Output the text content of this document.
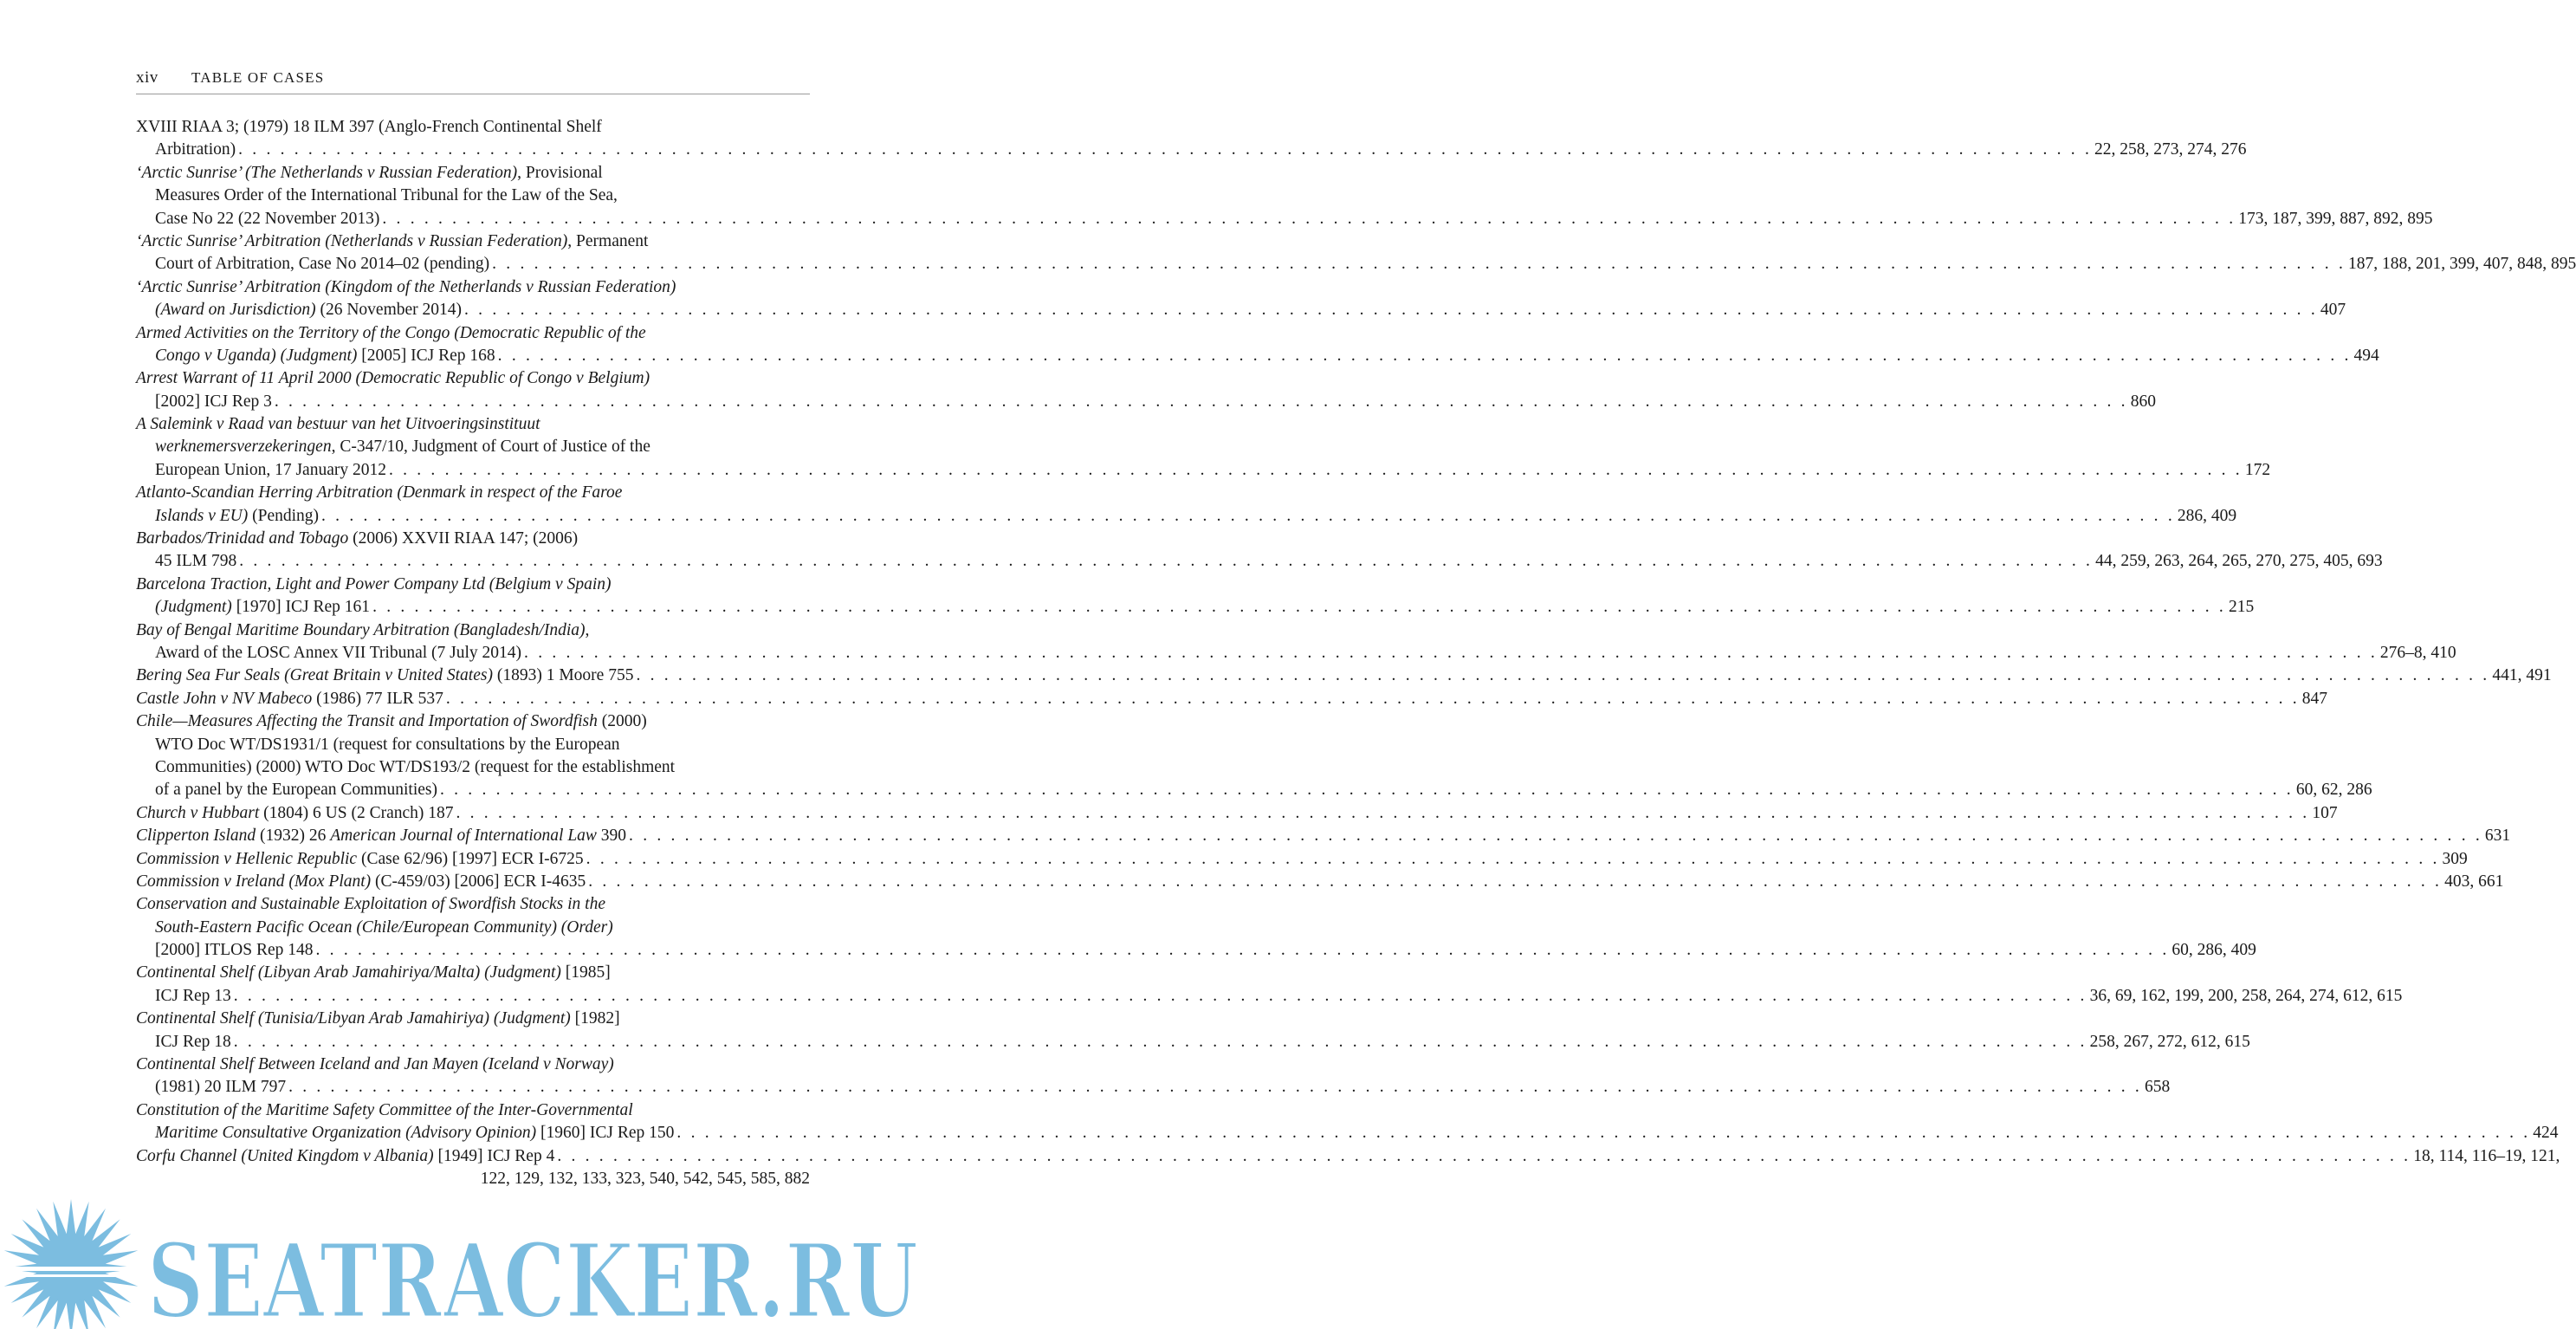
xiv TABLE OF CASES
XVIII RIAA 3; (1979) 18 ILM 397 (Anglo-French Continental Shelf
Arbitration) . . .	22, 258, 273, 274, 276
‘Arctic Sunrise’ (The Netherlands v Russian Federation), Provisional
Measures Order of the International Tribunal for the Law of the Sea,
Case No 22 (22 November 2013) . . .	173, 187, 399, 887, 892, 895
‘Arctic Sunrise’ Arbitration (Netherlands v Russian Federation), Permanent
Court of Arbitration, Case No 2014–02 (pending) . . .	187, 188, 201, 399, 407, 848, 895
‘Arctic Sunrise’ Arbitration (Kingdom of the Netherlands v Russian Federation)
(Award on Jurisdiction) (26 November 2014) . . .	407
Armed Activities on the Territory of the Congo (Democratic Republic of the
Congo v Uganda) (Judgment) [2005] ICJ Rep 168 . . .	494
Arrest Warrant of 11 April 2000 (Democratic Republic of Congo v Belgium)
[2002] ICJ Rep 3 . . .	860
A Salemink v Raad van bestuur van het Uitvoeringsinstituut
werknemersverzekeringen, C-347/10, Judgment of Court of Justice of the
European Union, 17 January 2012 . . .	172
Atlanto-Scandian Herring Arbitration (Denmark in respect of the Faroe
Islands v EU) (Pending) . . .	286, 409
Barbados/Trinidad and Tobago (2006) XXVII RIAA 147; (2006)
45 ILM 798 . . .	44, 259, 263, 264, 265, 270, 275, 405, 693
Barcelona Traction, Light and Power Company Ltd (Belgium v Spain)
(Judgment) [1970] ICJ Rep 161 . . .	215
Bay of Bengal Maritime Boundary Arbitration (Bangladesh/India),
Award of the LOSC Annex VII Tribunal (7 July 2014) . . .	276–8, 410
Bering Sea Fur Seals (Great Britain v United States) (1893) 1 Moore 755 . . .	441, 491
Castle John v NV Mabeco (1986) 77 ILR 537 . . .	847
Chile—Measures Affecting the Transit and Importation of Swordfish (2000)
WTO Doc WT/DS1931/1 (request for consultations by the European
Communities) (2000) WTO Doc WT/DS193/2 (request for the establishment
of a panel by the European Communities) . . .	60, 62, 286
Church v Hubbart (1804) 6 US (2 Cranch) 187 . . .	107
Clipperton Island (1932) 26 American Journal of International Law 390 . . .	631
Commission v Hellenic Republic (Case 62/96) [1997] ECR I-6725 . . .	309
Commission v Ireland (Mox Plant) (C-459/03) [2006] ECR I-4635 . . .	403, 661
Conservation and Sustainable Exploitation of Swordfish Stocks in the
South-Eastern Pacific Ocean (Chile/European Community) (Order)
[2000] ITLOS Rep 148 . . .	60, 286, 409
Continental Shelf (Libyan Arab Jamahiriya/Malta) (Judgment) [1985]
ICJ Rep 13 . . .	36, 69, 162, 199, 200, 258, 264, 274, 612, 615
Continental Shelf (Tunisia/Libyan Arab Jamahiriya) (Judgment) [1982]
ICJ Rep 18 . . .	258, 267, 272, 612, 615
Continental Shelf Between Iceland and Jan Mayen (Iceland v Norway)
(1981) 20 ILM 797 . . .	658
Constitution of the Maritime Safety Committee of the Inter-Governmental
Maritime Consultative Organization (Advisory Opinion) [1960] ICJ Rep 150 . . .	424
Corfu Channel (United Kingdom v Albania) [1949] ICJ Rep 4 . . .	18, 114, 116–19, 121,
122, 129, 132, 133, 323, 540, 542, 545, 585, 882
SEATRACKER.RU
